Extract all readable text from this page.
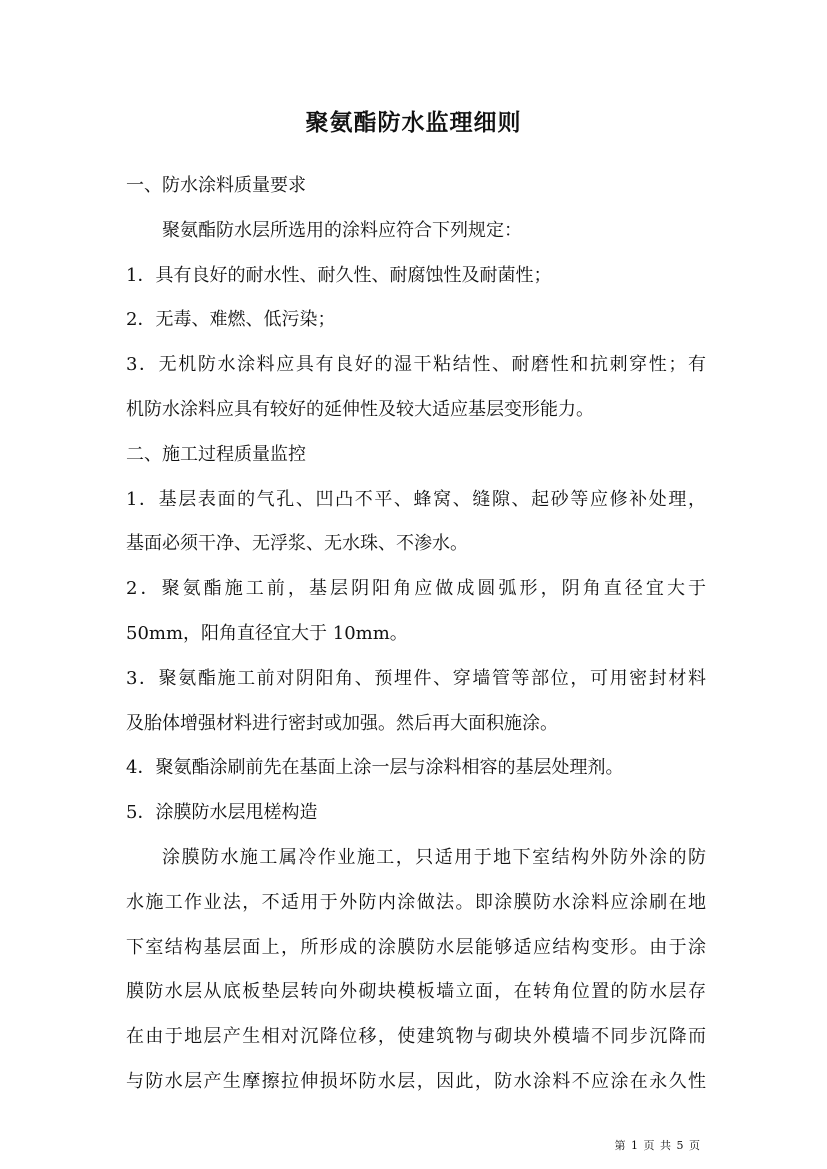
聚氨酯防水监理细则
一、防水涂料质量要求
聚氨酯防水层所选用的涂料应符合下列规定：
1．具有良好的耐水性、耐久性、耐腐蚀性及耐菌性；
2．无毒、难燃、低污染；
3．无机防水涂料应具有良好的湿干粘结性、耐磨性和抗刺穿性；有
机防水涂料应具有较好的延伸性及较大适应基层变形能力。
二、施工过程质量监控
1．基层表面的气孔、凹凸不平、蜂窝、缝隙、起砂等应修补处理，
基面必须干净、无浮浆、无水珠、不渗水。
2．聚氨酯施工前，基层阴阳角应做成圆弧形，阴角直径宜大于
50mm，阳角直径宜大于 10mm。
3．聚氨酯施工前对阴阳角、预埋件、穿墙管等部位，可用密封材料
及胎体增强材料进行密封或加强。然后再大面积施涂。
4．聚氨酯涂刷前先在基面上涂一层与涂料相容的基层处理剂。
5．涂膜防水层甩槎构造
涂膜防水施工属冷作业施工，只适用于地下室结构外防外涂的防
水施工作业法，不适用于外防内涂做法。即涂膜防水涂料应涂刷在地
下室结构基层面上，所形成的涂膜防水层能够适应结构变形。由于涂
膜防水层从底板垫层转向外砌块模板墙立面，在转角位置的防水层存
在由于地层产生相对沉降位移，使建筑物与砌块外模墙不同步沉降而
与防水层产生摩擦拉伸损坏防水层，因此，防水涂料不应涂在永久性
第 1 页 共 5 页
